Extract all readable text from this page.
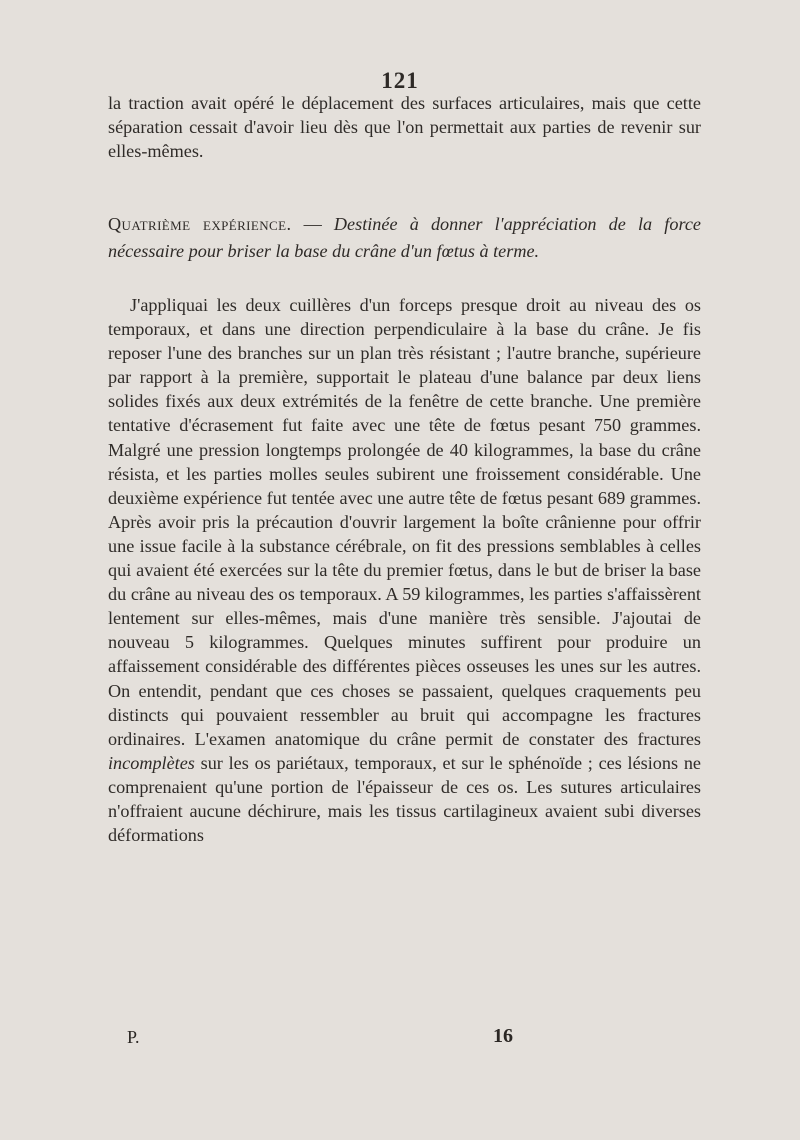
121

la traction avait opéré le déplacement des surfaces articulaires, mais que cette séparation cessait d'avoir lieu dès que l'on permettait aux parties de revenir sur elles-mêmes.

Quatrième expérience. — Destinée à donner l'appréciation de la force nécessaire pour briser la base du crâne d'un fœtus à terme.

J'appliquai les deux cuillères d'un forceps presque droit au niveau des os temporaux, et dans une direction perpendiculaire à la base du crâne. Je fis reposer l'une des branches sur un plan très résistant ; l'autre branche, supérieure par rapport à la première, supportait le plateau d'une balance par deux liens solides fixés aux deux extrémités de la fenêtre de cette branche. Une première tentative d'écrasement fut faite avec une tête de fœtus pesant 750 grammes. Malgré une pression longtemps prolongée de 40 kilogrammes, la base du crâne résista, et les parties molles seules subirent une froissement considérable. Une deuxième expérience fut tentée avec une autre tête de fœtus pesant 689 grammes. Après avoir pris la précaution d'ouvrir largement la boîte crânienne pour offrir une issue facile à la substance cérébrale, on fit des pressions semblables à celles qui avaient été exercées sur la tête du premier fœtus, dans le but de briser la base du crâne au niveau des os temporaux. A 59 kilogrammes, les parties s'affaissèrent lentement sur elles-mêmes, mais d'une manière très sensible. J'ajoutai de nouveau 5 kilogrammes. Quelques minutes suffirent pour produire un affaissement considérable des différentes pièces osseuses les unes sur les autres. On entendit, pendant que ces choses se passaient, quelques craquements peu distincts qui pouvaient ressembler au bruit qui accompagne les fractures ordinaires. L'examen anatomique du crâne permit de constater des fractures incomplètes sur les os pariétaux, temporaux, et sur le sphénoïde ; ces lésions ne comprenaient qu'une portion de l'épaisseur de ces os. Les sutures articulaires n'offraient aucune déchirure, mais les tissus cartilagineux avaient subi diverses déformations

P.	16
